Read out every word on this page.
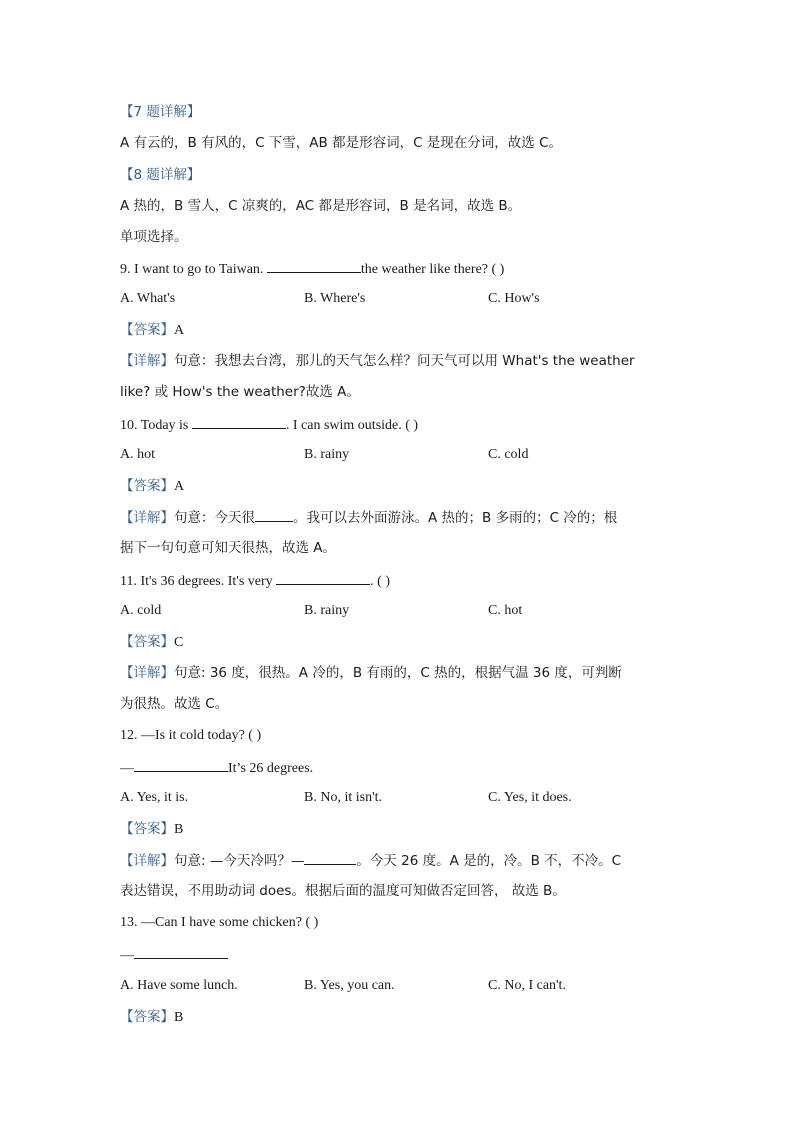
【7 题详解】
A 有云的，B 有风的，C 下雪，AB 都是形容词，C 是现在分词，故选 C。
【8 题详解】
A 热的，B 雪人，C 凉爽的，AC 都是形容词，B 是名词，故选 B。
单项选择。
9. I want to go to Taiwan.	the weather like there? ( )
A. What's	B. Where's	C. How's
【答案】A
【详解】句意：我想去台湾，那儿的天气怎么样？问天气可以用 What's the weather
like? 或 How's the weather?故选 A。
10. Today is	. I can swim outside. ( )
A. hot	B. rainy	C. cold
【答案】A
【详解】句意：今天很	。我可以去外面游泳。A 热的；B 多雨的；C 冷的；根
据下一句句意可知天很热，故选 A。
11. It's 36 degrees. It's very	. ( )
A. cold	B. rainy	C. hot
【答案】C
【详解】句意: 36 度，很热。A 冷的，B 有雨的，C 热的，根据气温 36 度，可判断
为很热。故选 C。
12. —Is it cold today? ( )
—	It’s 26 degrees.
A. Yes, it is.	B. No, it isn't.	C. Yes, it does.
【答案】B
【详解】句意: —今天冷吗？—	。今天 26 度。A 是的，冷。B 不，不冷。C
表达错误，不用助动词 does。根据后面的温度可知做否定回答， 故选 B。
13. —Can I have some chicken? ( )
—
A. Have some lunch.	B. Yes, you can.	C. No, I can't.
【答案】B
